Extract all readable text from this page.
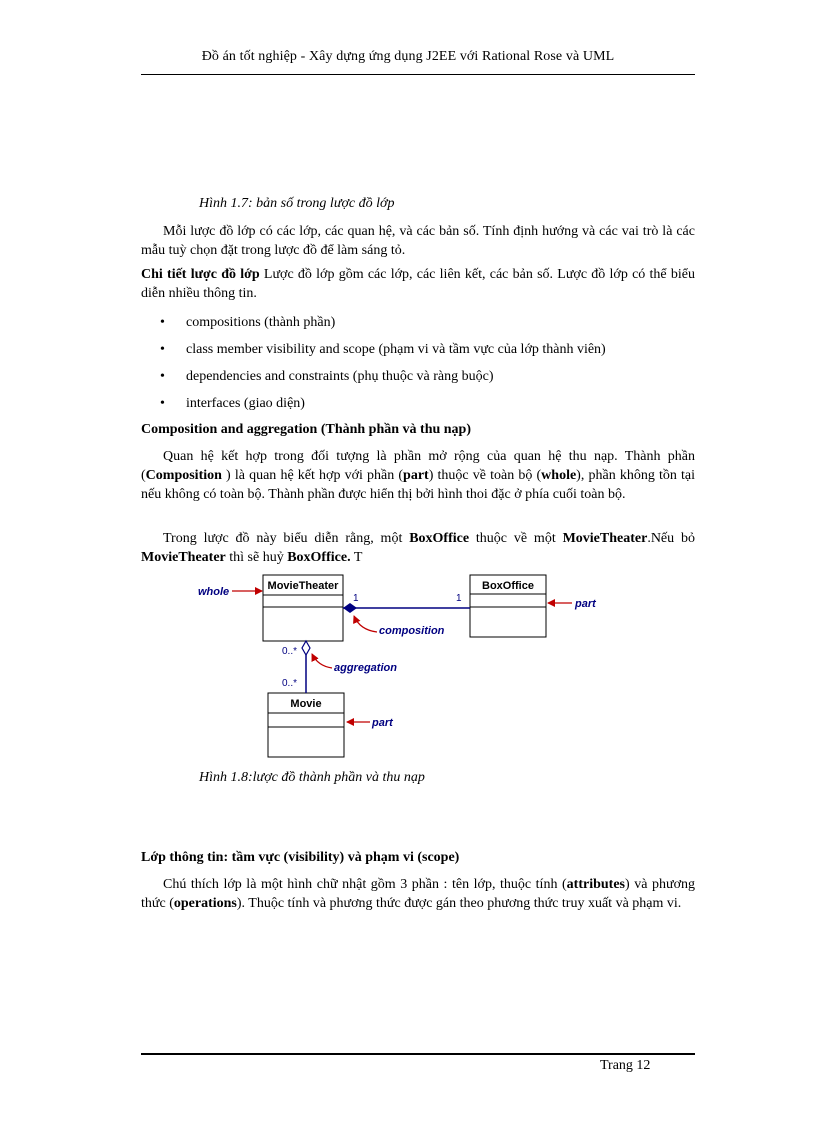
Đồ án tốt nghiệp - Xây dựng ứng dụng J2EE với Rational Rose và UML
Hình 1.7: bản số trong lược đồ lớp

Mỗi lược đồ lớp có các lớp, các quan hệ, và các bản số. Tính định hướng và các vai trò là các mẫu tuỳ chọn đặt trong lược đồ để làm sáng tỏ.

Chi tiết lược đồ lớp Lược đồ lớp gồm các lớp, các liên kết, các bản số. Lược đồ lớp có thể biểu diễn nhiều thông tin.

• compositions (thành phần)
• class member visibility and scope (phạm vi và tầm vực của lớp thành viên)
• dependencies and constraints (phụ thuộc và ràng buộc)
• interfaces (giao diện)
Composition and aggregation (Thành phần và thu nạp)

Quan hệ kết hợp trong đối tượng là phần mở rộng của quan hệ thu nạp. Thành phần (Composition ) là quan hệ kết hợp với phần (part) thuộc về toàn bộ (whole), phần không tồn tại nếu không có toàn bộ. Thành phần được hiển thị bởi hình thoi đặc ở phía cuối toàn bộ.

Trong lược đồ này biểu diễn rằng, một BoxOffice thuộc về một MovieTheater.Nếu bỏ MovieTheater thì sẽ huỷ BoxOffice. T

MovieTheater	BoxOffice
Movie
1	1
0..*
0..*
whole
part
composition
aggregation
part
Hình 1.8:lược đồ thành phần và thu nạp
Lớp thông tin: tầm vực (visibility) và phạm vi (scope)

Chú thích lớp là một hình chữ nhật gồm 3 phần : tên lớp, thuộc tính (attributes) và phương thức (operations). Thuộc tính và phương thức được gán theo phương thức truy xuất và phạm vi.

Trang 12
